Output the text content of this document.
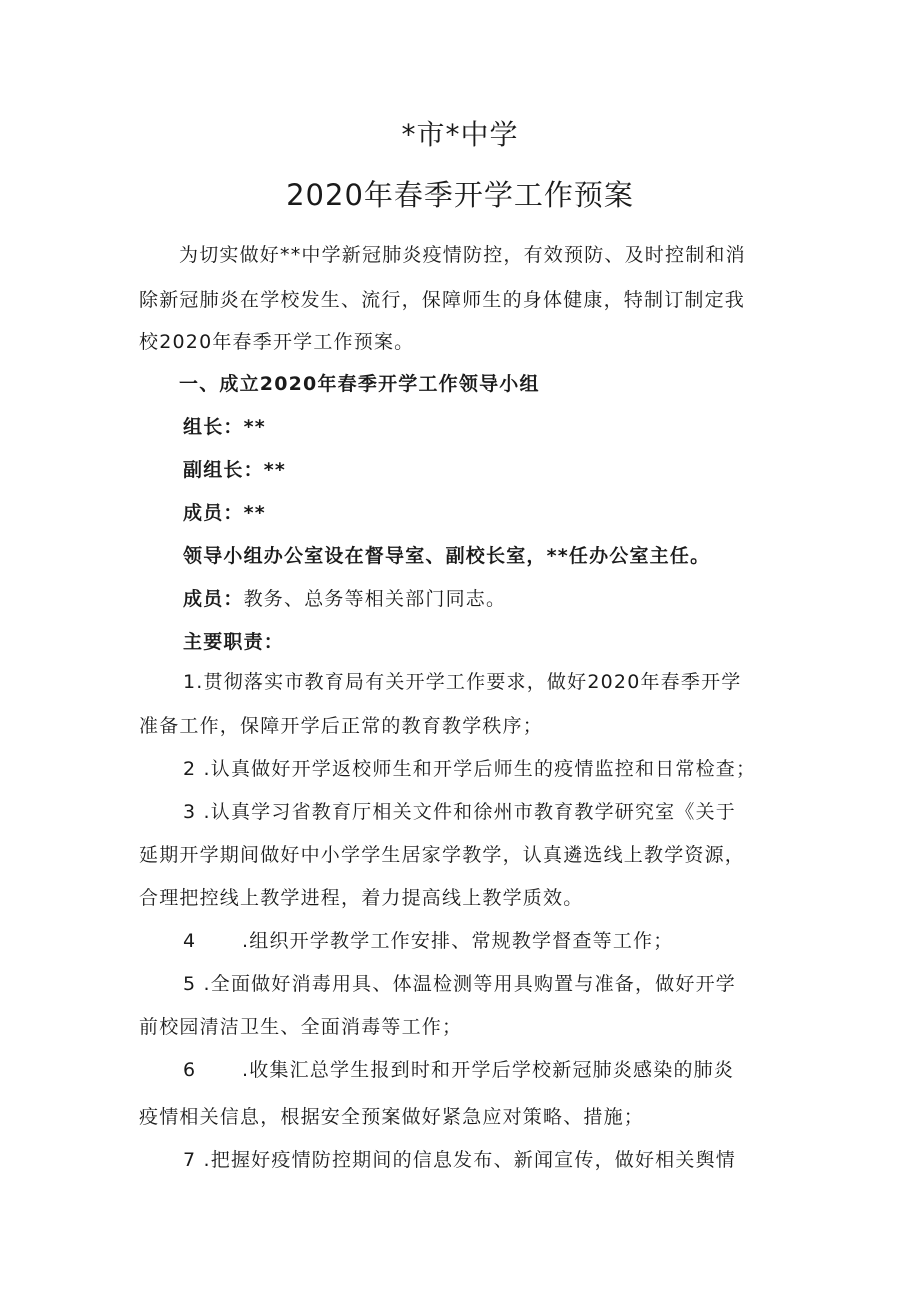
*市*中学
2020年春季开学工作预案
为切实做好**中学新冠肺炎疫情防控，有效预防、及时控制和消
除新冠肺炎在学校发生、流行，保障师生的身体健康，特制订制定我
校2020年春季开学工作预案。
一、成立2020年春季开学工作领导小组
组长：**
副组长：**
成员：**
领导小组办公室设在督导室、副校长室，**任办公室主任。
成员：教务、总务等相关部门同志。
主要职责：
1.贯彻落实市教育局有关开学工作要求，做好2020年春季开学
准备工作，保障开学后正常的教育教学秩序；
2 .认真做好开学返校师生和开学后师生的疫情监控和日常检查；
3 .认真学习省教育厅相关文件和徐州市教育教学研究室《关于
延期开学期间做好中小学学生居家学教学，认真遴选线上教学资源，
合理把控线上教学进程，着力提高线上教学质效。
4 .组织开学教学工作安排、常规教学督查等工作；
5 .全面做好消毒用具、体温检测等用具购置与准备，做好开学
前校园清洁卫生、全面消毒等工作；
6 .收集汇总学生报到时和开学后学校新冠肺炎感染的肺炎
疫情相关信息，根据安全预案做好紧急应对策略、措施；
7 .把握好疫情防控期间的信息发布、新闻宣传，做好相关舆情
